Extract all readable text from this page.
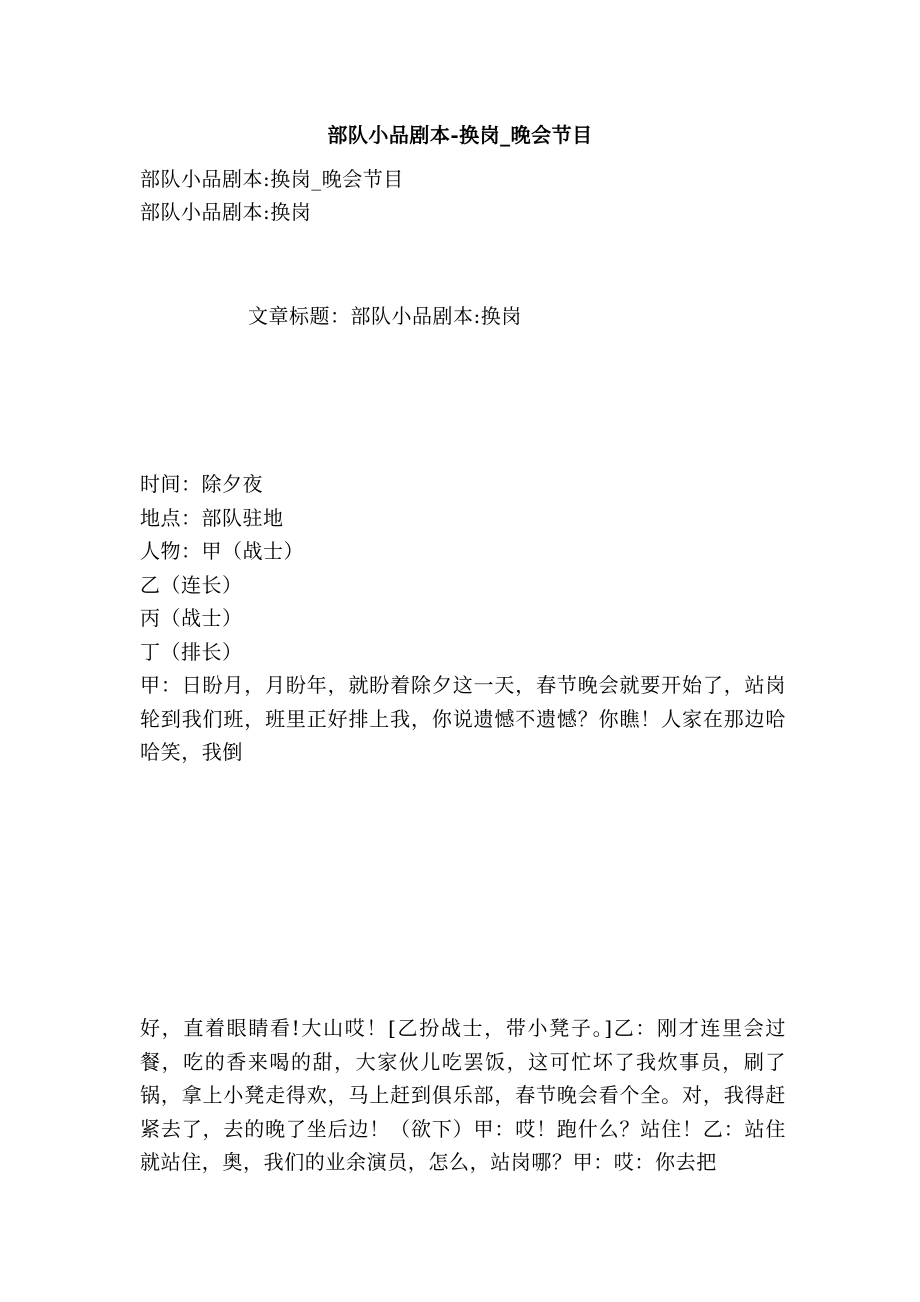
部队小品剧本-换岗_晚会节目
部队小品剧本:换岗_晚会节目
部队小品剧本:换岗
文章标题：部队小品剧本:换岗
时间：除夕夜
地点：部队驻地
人物：甲（战士）
乙（连长）
丙（战士）
丁（排长）
甲：日盼月，月盼年，就盼着除夕这一天，春节晚会就要开始了，站岗轮到我们班，班里正好排上我，你说遗憾不遗憾？你瞧！人家在那边哈哈笑，我倒
好，直着眼睛看!大山哎！[乙扮战士，带小凳子。]乙：刚才连里会过餐，吃的香来喝的甜，大家伙儿吃罢饭，这可忙坏了我炊事员，刷了锅，拿上小凳走得欢，马上赶到俱乐部，春节晚会看个全。对，我得赶紧去了，去的晚了坐后边！（欲下）甲：哎！跑什么？站住！乙：站住就站住，奥，我们的业余演员，怎么，站岗哪？甲：哎：你去把
